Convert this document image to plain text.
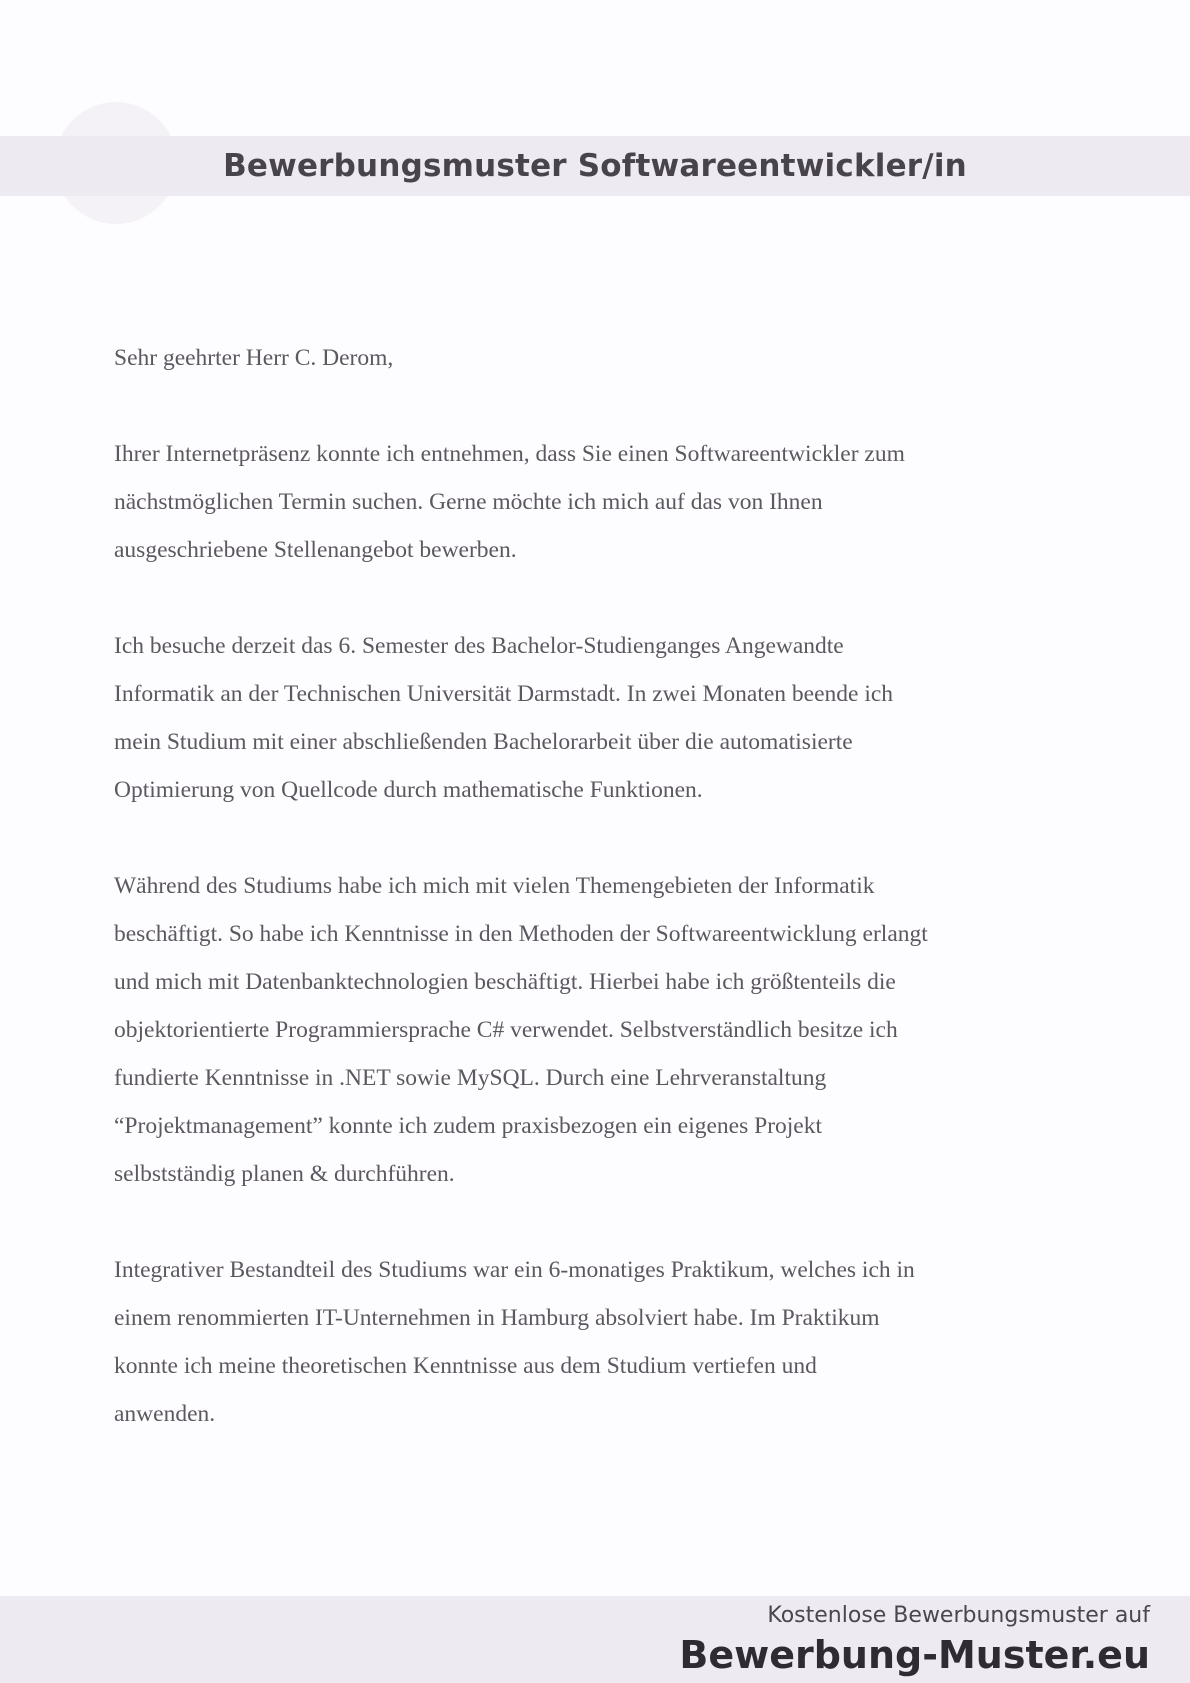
Bewerbungsmuster Softwareentwickler/in
Sehr geehrter Herr C. Derom,
Ihrer Internetpräsenz konnte ich entnehmen, dass Sie einen Softwareentwickler zum
nächstmöglichen Termin suchen. Gerne möchte ich mich auf das von Ihnen
ausgeschriebene Stellenangebot bewerben.
Ich besuche derzeit das 6. Semester des Bachelor-Studienganges Angewandte
Informatik an der Technischen Universität Darmstadt. In zwei Monaten beende ich
mein Studium mit einer abschließenden Bachelorarbeit über die automatisierte
Optimierung von Quellcode durch mathematische Funktionen.
Während des Studiums habe ich mich mit vielen Themengebieten der Informatik
beschäftigt. So habe ich Kenntnisse in den Methoden der Softwareentwicklung erlangt
und mich mit Datenbanktechnologien beschäftigt. Hierbei habe ich größtenteils die
objektorientierte Programmiersprache C# verwendet. Selbstverständlich besitze ich
fundierte Kenntnisse in .NET sowie MySQL. Durch eine Lehrveranstaltung
“Projektmanagement” konnte ich zudem praxisbezogen ein eigenes Projekt
selbstständig planen & durchführen.
Integrativer Bestandteil des Studiums war ein 6-monatiges Praktikum, welches ich in
einem renommierten IT-Unternehmen in Hamburg absolviert habe. Im Praktikum
konnte ich meine theoretischen Kenntnisse aus dem Studium vertiefen und
anwenden.
Kostenlose Bewerbungsmuster auf
Bewerbung-Muster.eu
